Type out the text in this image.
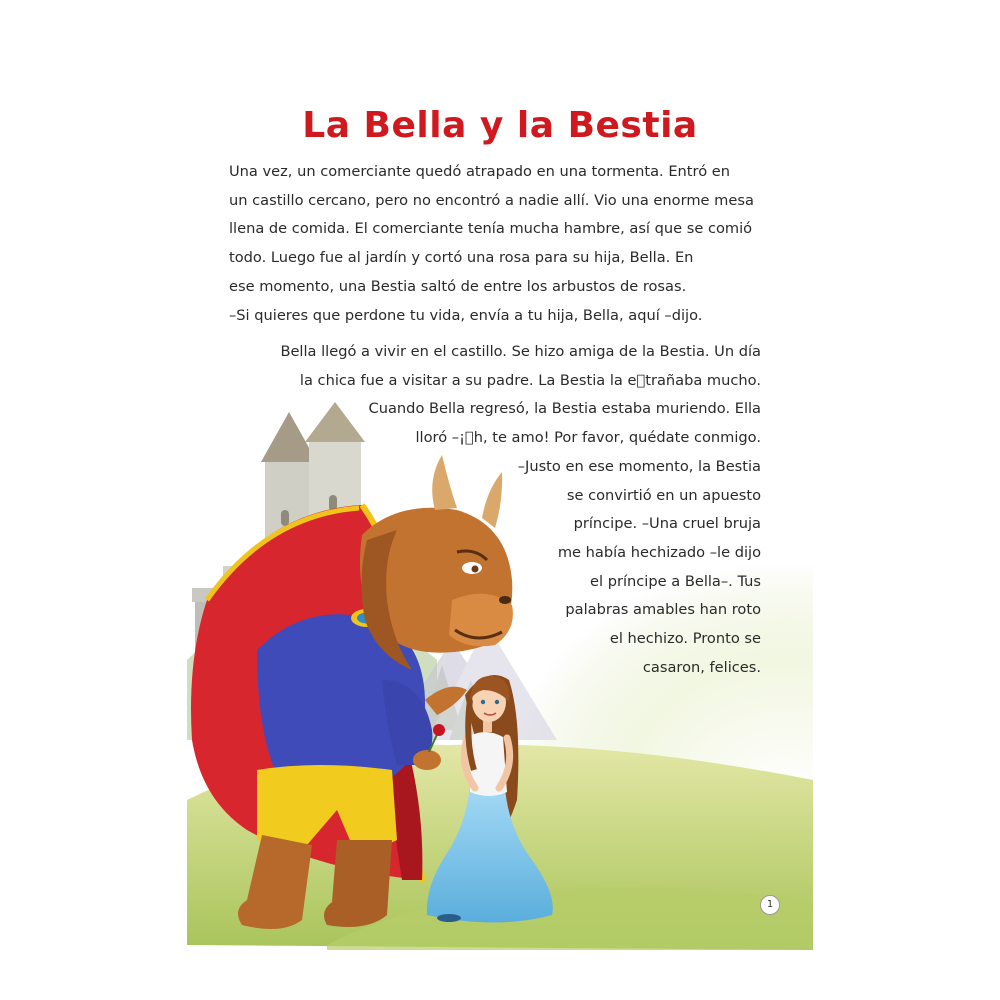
La Bella y la Bestia
Una vez, un comerciante quedó atrapado en una tormenta. Entró en
un castillo cercano, pero no encontró a nadie allí. Vio una enorme mesa
llena de comida. El comerciante tenía mucha hambre, así que se comió
todo. Luego fue al jardín y cortó una rosa para su hija, Bella. En
ese momento, una Bestia saltó de entre los arbustos de rosas.
–Si quieres que perdone tu vida, envía a tu hija, Bella, aquí –dijo.
Bella llegó a vivir en el castillo. Se hizo amiga de la Bestia. Un día
la chica fue a visitar a su padre. La Bestia la e⃞trañaba mucho.
Cuando Bella regresó, la Bestia estaba muriendo. Ella
lloró –¡⃞h, te amo! Por favor, quédate conmigo.
–Justo en ese momento, la Bestia
se convirtió en un apuesto
príncipe. –Una cruel bruja
me había hechizado –le dijo
el príncipe a Bella–. Tus
palabras amables han roto
el hechizo. Pronto se
casaron, felices.
1
